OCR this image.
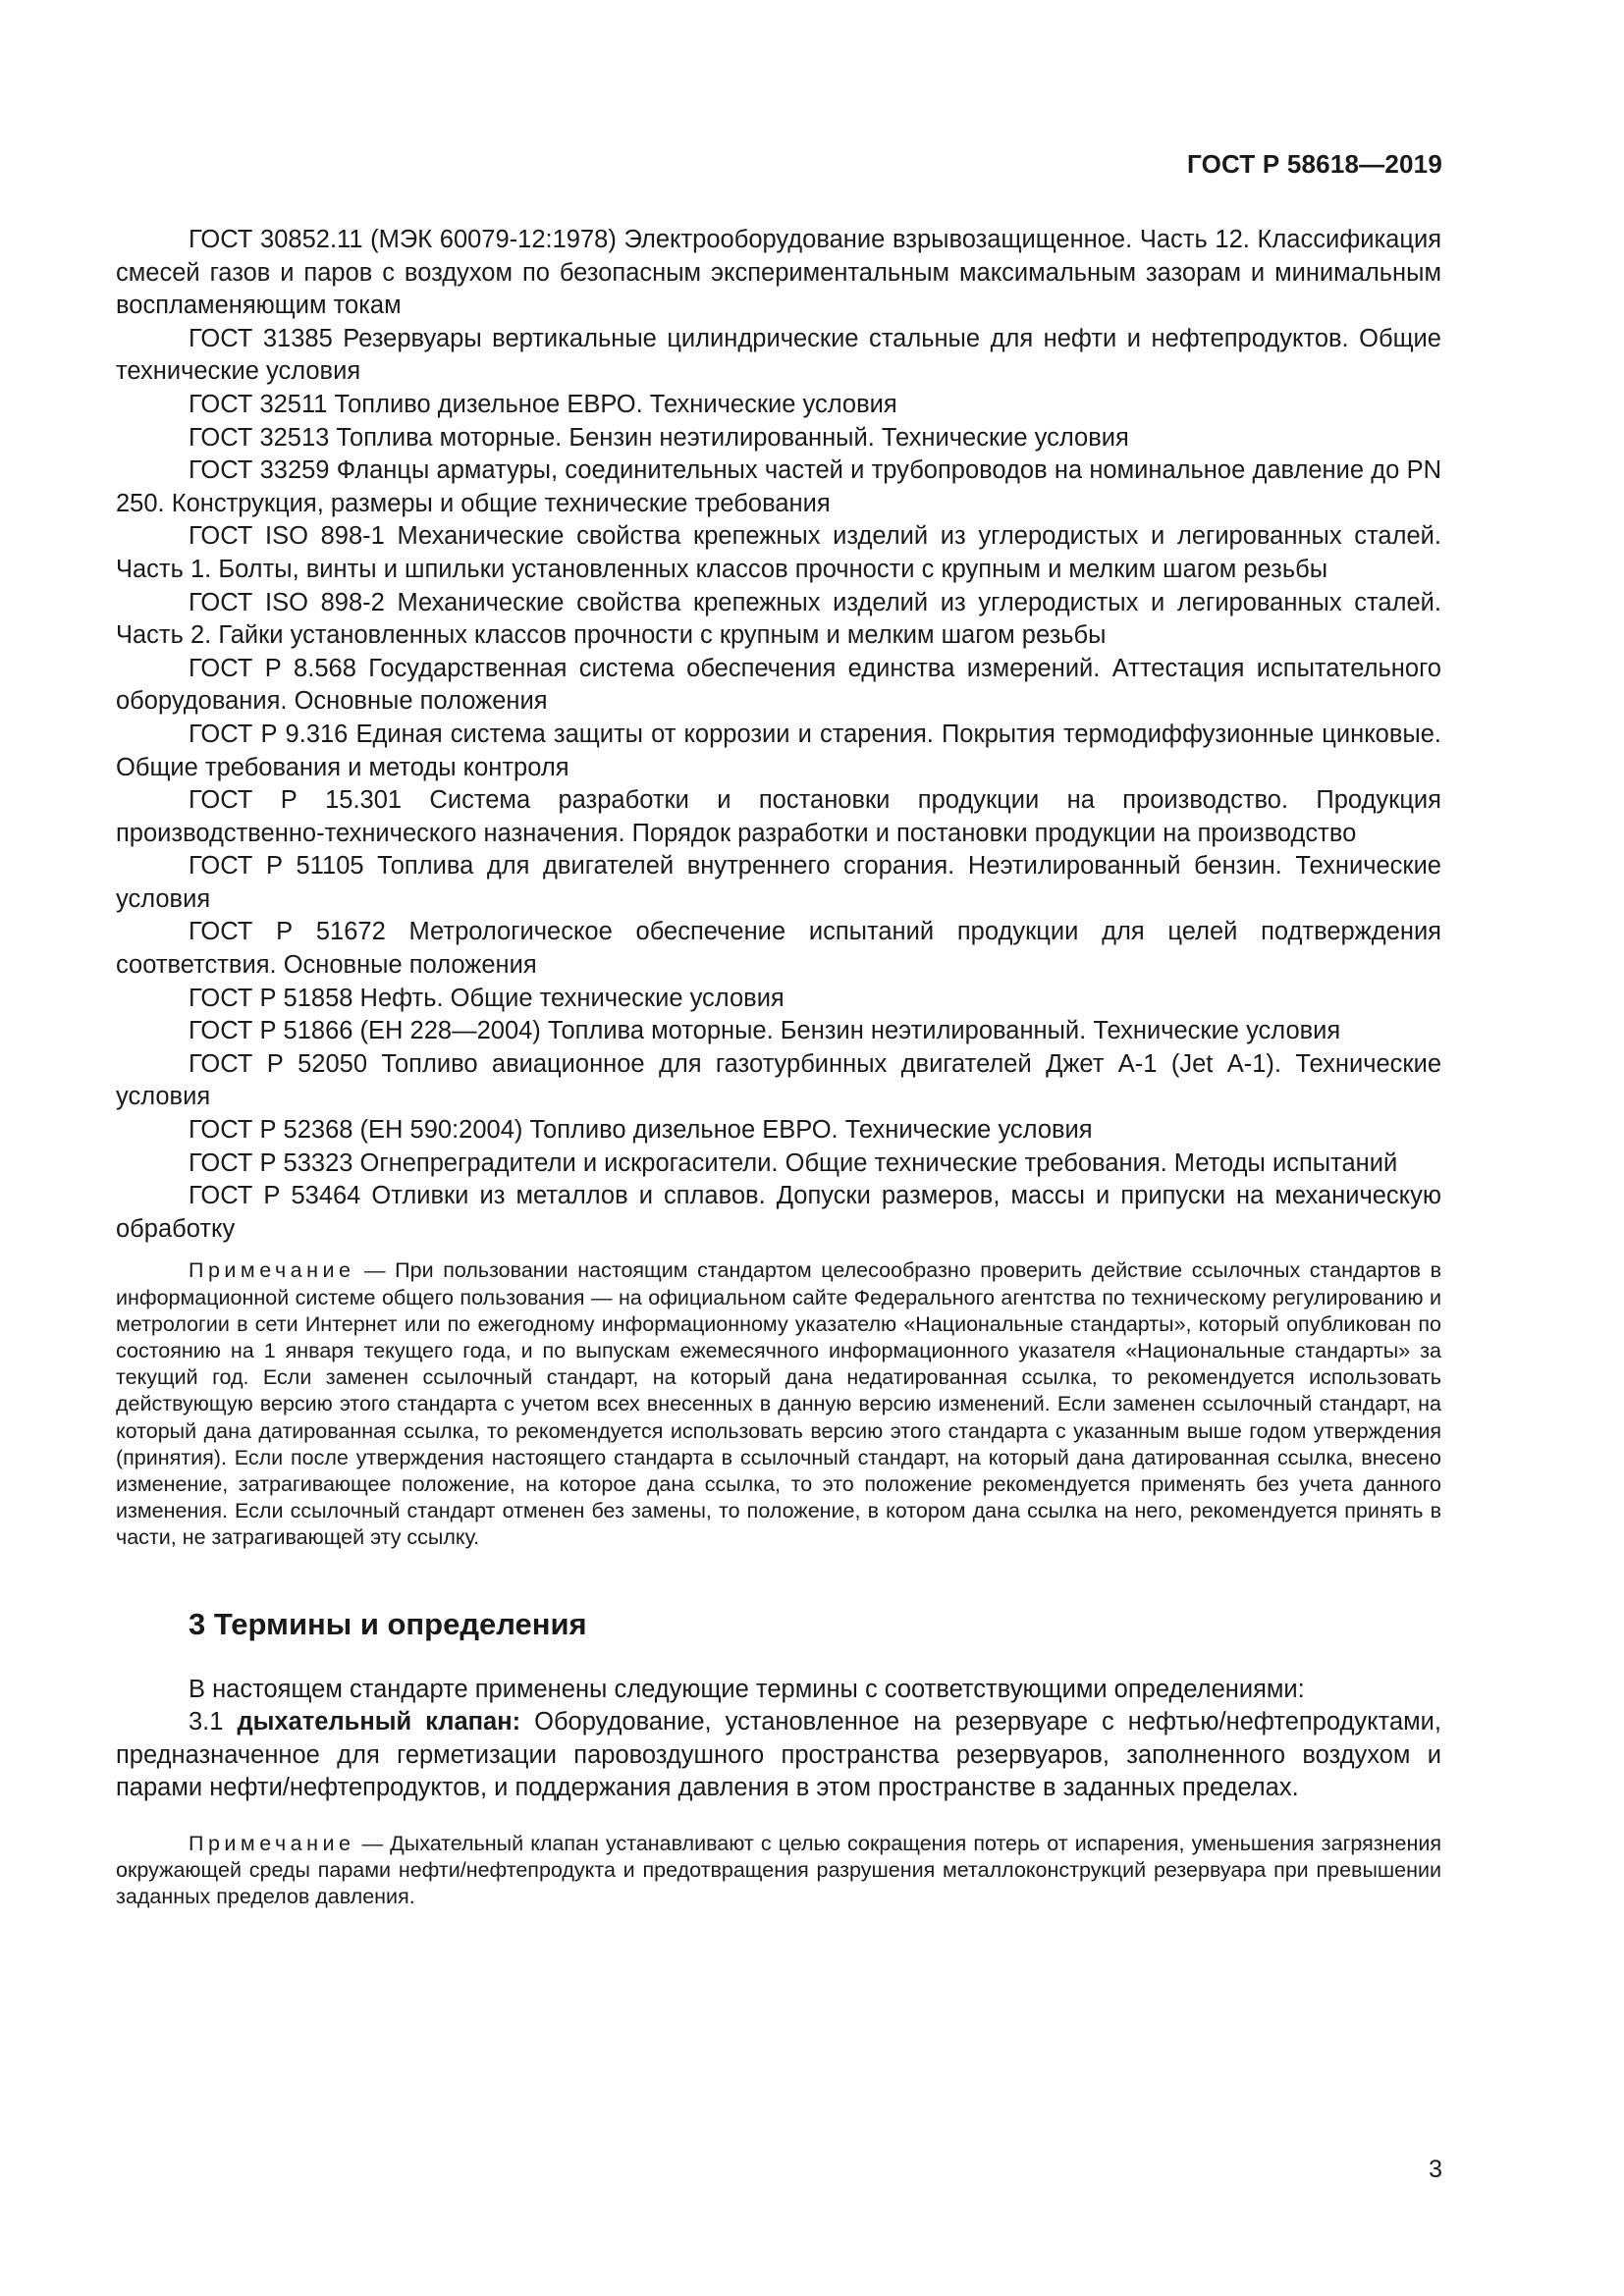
ГОСТ Р 58618—2019

ГОСТ 30852.11 (МЭК 60079-12:1978) Электрооборудование взрывозащищенное. Часть 12. Классификация смесей газов и паров с воздухом по безопасным экспериментальным максимальным зазорам и минимальным воспламеняющим токам

ГОСТ 31385 Резервуары вертикальные цилиндрические стальные для нефти и нефтепродуктов. Общие технические условия

ГОСТ 32511 Топливо дизельное ЕВРО. Технические условия

ГОСТ 32513 Топлива моторные. Бензин неэтилированный. Технические условия

ГОСТ 33259 Фланцы арматуры, соединительных частей и трубопроводов на номинальное давление до PN 250. Конструкция, размеры и общие технические требования

ГОСТ ISO 898-1 Механические свойства крепежных изделий из углеродистых и легированных сталей. Часть 1. Болты, винты и шпильки установленных классов прочности с крупным и мелким шагом резьбы

ГОСТ ISO 898-2 Механические свойства крепежных изделий из углеродистых и легированных сталей. Часть 2. Гайки установленных классов прочности с крупным и мелким шагом резьбы

ГОСТ Р 8.568 Государственная система обеспечения единства измерений. Аттестация испытательного оборудования. Основные положения

ГОСТ Р 9.316 Единая система защиты от коррозии и старения. Покрытия термодиффузионные цинковые. Общие требования и методы контроля

ГОСТ Р 15.301 Система разработки и постановки продукции на производство. Продукция производственно-технического назначения. Порядок разработки и постановки продукции на производство

ГОСТ Р 51105 Топлива для двигателей внутреннего сгорания. Неэтилированный бензин. Технические условия

ГОСТ Р 51672 Метрологическое обеспечение испытаний продукции для целей подтверждения соответствия. Основные положения

ГОСТ Р 51858 Нефть. Общие технические условия

ГОСТ Р 51866 (ЕН 228—2004) Топлива моторные. Бензин неэтилированный. Технические условия

ГОСТ Р 52050 Топливо авиационное для газотурбинных двигателей Джет А-1 (Jet А-1). Технические условия

ГОСТ Р 52368 (ЕН 590:2004) Топливо дизельное ЕВРО. Технические условия

ГОСТ Р 53323 Огнепреградители и искрогасители. Общие технические требования. Методы испытаний

ГОСТ Р 53464 Отливки из металлов и сплавов. Допуски размеров, массы и припуски на механическую обработку

Примечание — При пользовании настоящим стандартом целесообразно проверить действие ссылочных стандартов в информационной системе общего пользования — на официальном сайте Федерального агентства по техническому регулированию и метрологии в сети Интернет или по ежегодному информационному указателю «Национальные стандарты», который опубликован по состоянию на 1 января текущего года, и по выпускам ежемесячного информационного указателя «Национальные стандарты» за текущий год. Если заменен ссылочный стандарт, на который дана недатированная ссылка, то рекомендуется использовать действующую версию этого стандарта с учетом всех внесенных в данную версию изменений. Если заменен ссылочный стандарт, на который дана датированная ссылка, то рекомендуется использовать версию этого стандарта с указанным выше годом утверждения (принятия). Если после утверждения настоящего стандарта в ссылочный стандарт, на который дана датированная ссылка, внесено изменение, затрагивающее положение, на которое дана ссылка, то это положение рекомендуется применять без учета данного изменения. Если ссылочный стандарт отменен без замены, то положение, в котором дана ссылка на него, рекомендуется принять в части, не затрагивающей эту ссылку.

3 Термины и определения

В настоящем стандарте применены следующие термины с соответствующими определениями:

3.1 дыхательный клапан: Оборудование, установленное на резервуаре с нефтью/нефтепродуктами, предназначенное для герметизации паровоздушного пространства резервуаров, заполненного воздухом и парами нефти/нефтепродуктов, и поддержания давления в этом пространстве в заданных пределах.

Примечание — Дыхательный клапан устанавливают с целью сокращения потерь от испарения, уменьшения загрязнения окружающей среды парами нефти/нефтепродукта и предотвращения разрушения металлоконструкций резервуара при превышении заданных пределов давления.

3
